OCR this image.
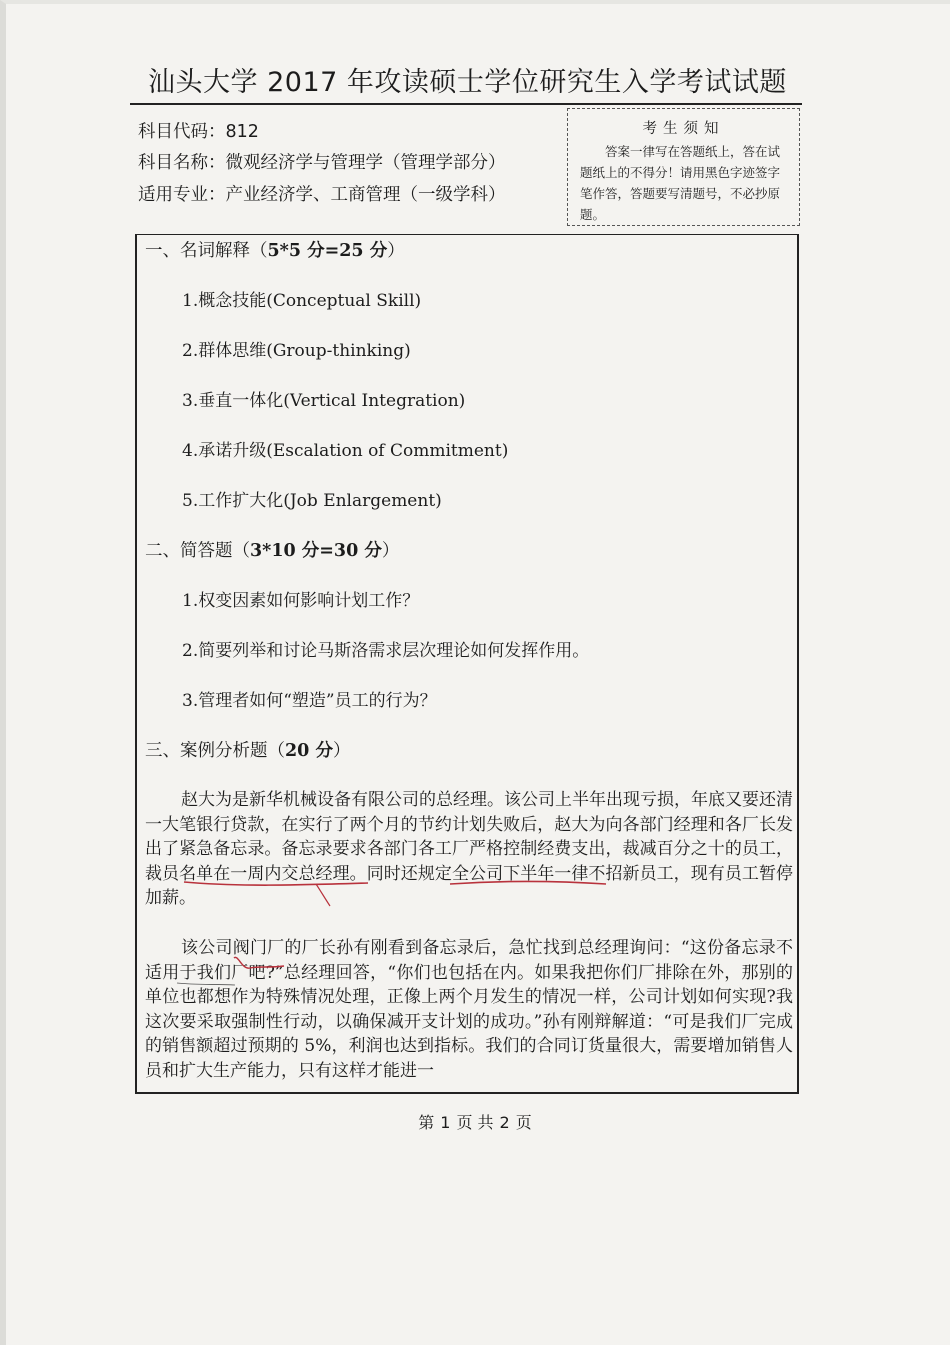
汕头大学 2017 年攻读硕士学位研究生入学考试试题
科目代码：812
科目名称：微观经济学与管理学（管理学部分）
适用专业：产业经济学、工商管理（一级学科）
考生须知
答案一律写在答题纸上，答在试题纸上的不得分！请用黑色字迹签字笔作答，答题要写清题号，不必抄原题。
一、名词解释（5*5 分=25 分）
1.概念技能(Conceptual Skill)
2.群体思维(Group-thinking)
3.垂直一体化(Vertical Integration)
4.承诺升级(Escalation of Commitment)
5.工作扩大化(Job Enlargement)
二、简答题（3*10 分=30 分）
1.权变因素如何影响计划工作？
2.简要列举和讨论马斯洛需求层次理论如何发挥作用。
3.管理者如何“塑造”员工的行为？
三、案例分析题（20 分）

赵大为是新华机械设备有限公司的总经理。该公司上半年出现亏损，年底又要还清一大笔银行贷款，在实行了两个月的节约计划失败后，赵大为向各部门经理和各厂长发出了紧急备忘录。备忘录要求各部门各工厂严格控制经费支出，裁减百分之十的员工，裁员名单在一周内交总经理。同时还规定全公司下半年一律不招新员工，现有员工暂停加薪。

该公司阀门厂的厂长孙有刚看到备忘录后，急忙找到总经理询问：“这份备忘录不适用于我们厂吧?”总经理回答，“你们也包括在内。如果我把你们厂排除在外，那别的单位也都想作为特殊情况处理，正像上两个月发生的情况一样，公司计划如何实现?我这次要采取强制性行动，以确保减开支计划的成功。”孙有刚辩解道：“可是我们厂完成的销售额超过预期的 5%，利润也达到指标。我们的合同订货量很大，需要增加销售人员和扩大生产能力，只有这样才能进一

第 1 页 共 2 页
